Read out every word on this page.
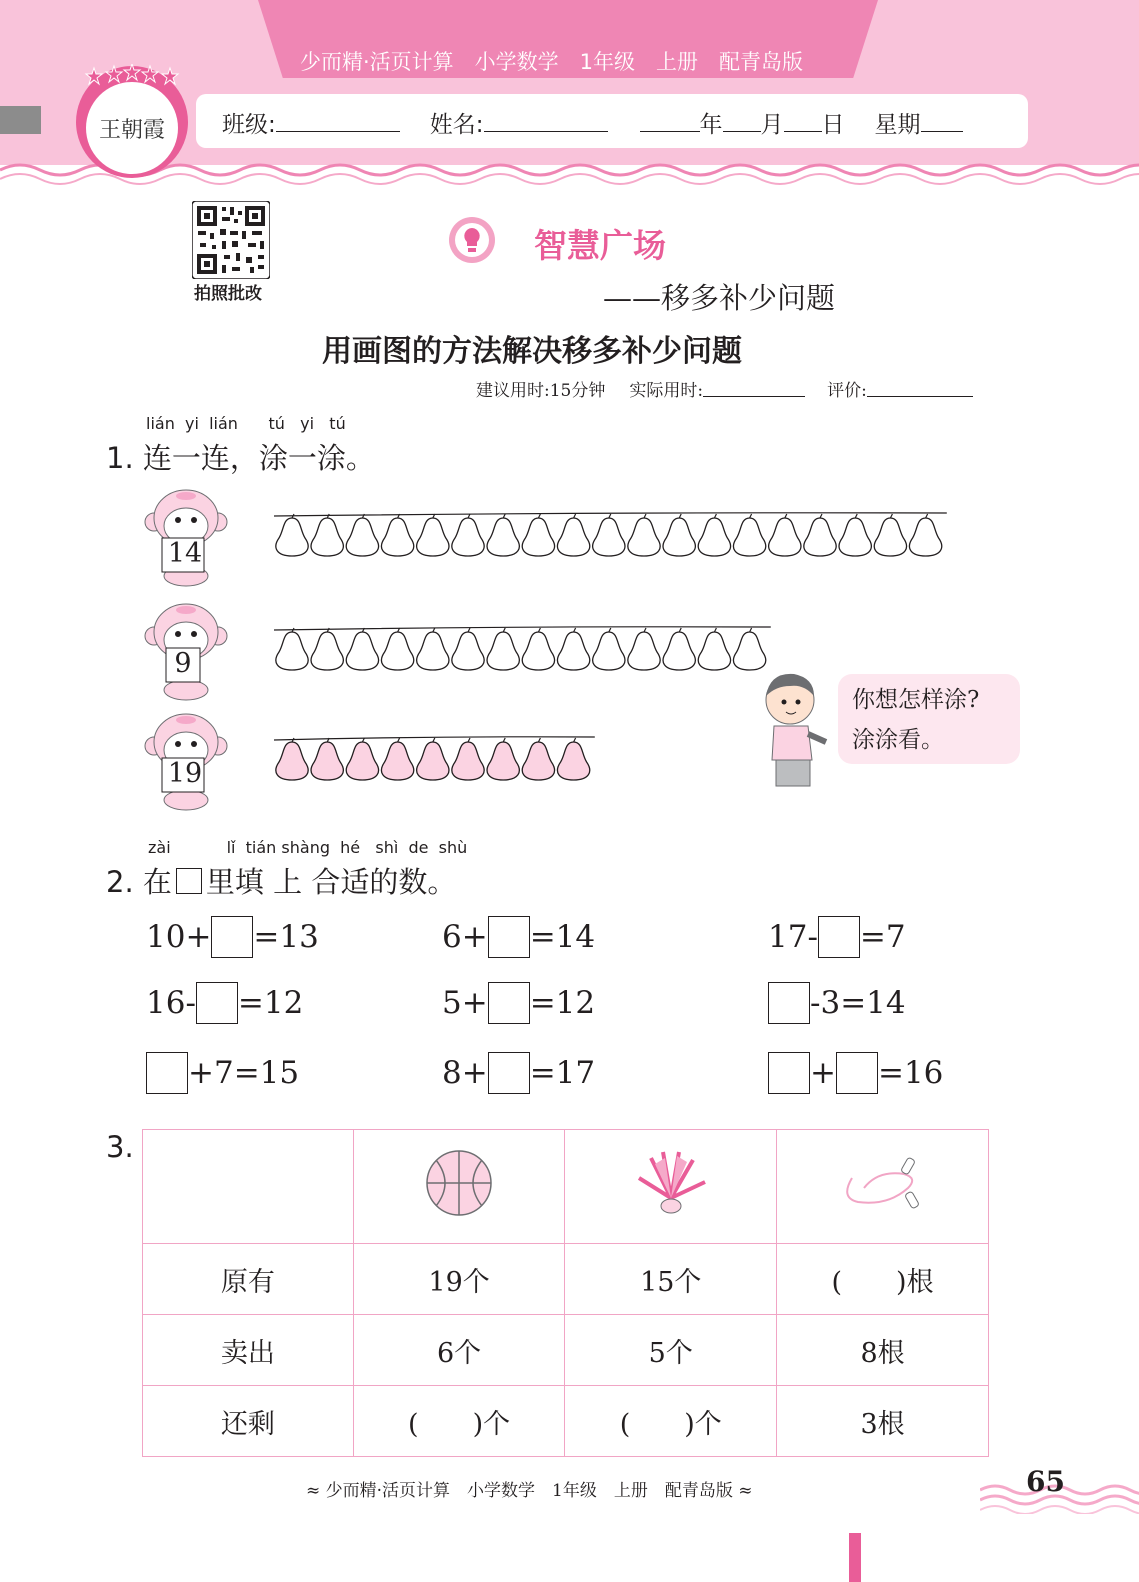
少而精·活页计算　小学数学　1年级　上册　配青岛版
班级:	姓名:	年 月 日 星期
王朝霞
拍照批改
智慧广场
——移多补少问题
用画图的方法解决移多补少问题
建议用时:15分钟 实际用时:	评价:
lián  yi  lián      tú   yi   tú
1. 连一连，涂一涂。
14
9
19
你想怎样涂?
涂涂看。
zài           lǐ  tián shàng  hé   shì  de  shù
2. 在 里填 上 合适的数。
10+ =13	6+ =14	17- =7
16- =12	5+ =12	-3=14
+7=15	8+ =17	+ =16
3.

原有	19个	15个	(　　)根
卖出	6个	5个	8根
还剩	(　　)个	(　　)个	3根
≈ 少而精·活页计算　小学数学　1年级　上册　配青岛版 ≈	65
